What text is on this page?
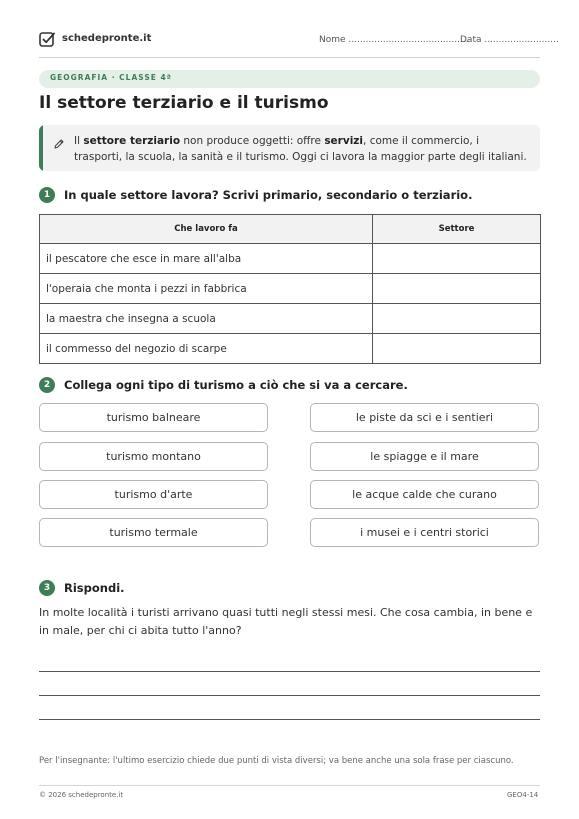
schedepronte.it	Nome ..........................................
Data ..........................
GEOGRAFIA · CLASSE 4ª
Il settore terziario e il turismo
Il settore terziario non produce oggetti: offre servizi, come il commercio, i trasporti, la scuola, la sanità e il turismo. Oggi ci lavora la maggior parte degli italiani.
1	In quale settore lavora? Scrivi primario, secondario o terziario.
Che lavoro fa	Settore
il pescatore che esce in mare all'alba	
l'operaia che monta i pezzi in fabbrica	
la maestra che insegna a scuola	
il commesso del negozio di scarpe	
2	Collega ogni tipo di turismo a ciò che si va a cercare.
turismo balneare
turismo montano
turismo d'arte
turismo termale
le piste da sci e i sentieri
le spiagge e il mare
le acque calde che curano
i musei e i centri storici
3	Rispondi.
In molte località i turisti arrivano quasi tutti negli stessi mesi. Che cosa cambia, in bene e in male, per chi ci abita tutto l'anno?
Per l'insegnante: l'ultimo esercizio chiede due punti di vista diversi; va bene anche una sola frase per ciascuno.
© 2026 schedepronte.it	GEO4-14
